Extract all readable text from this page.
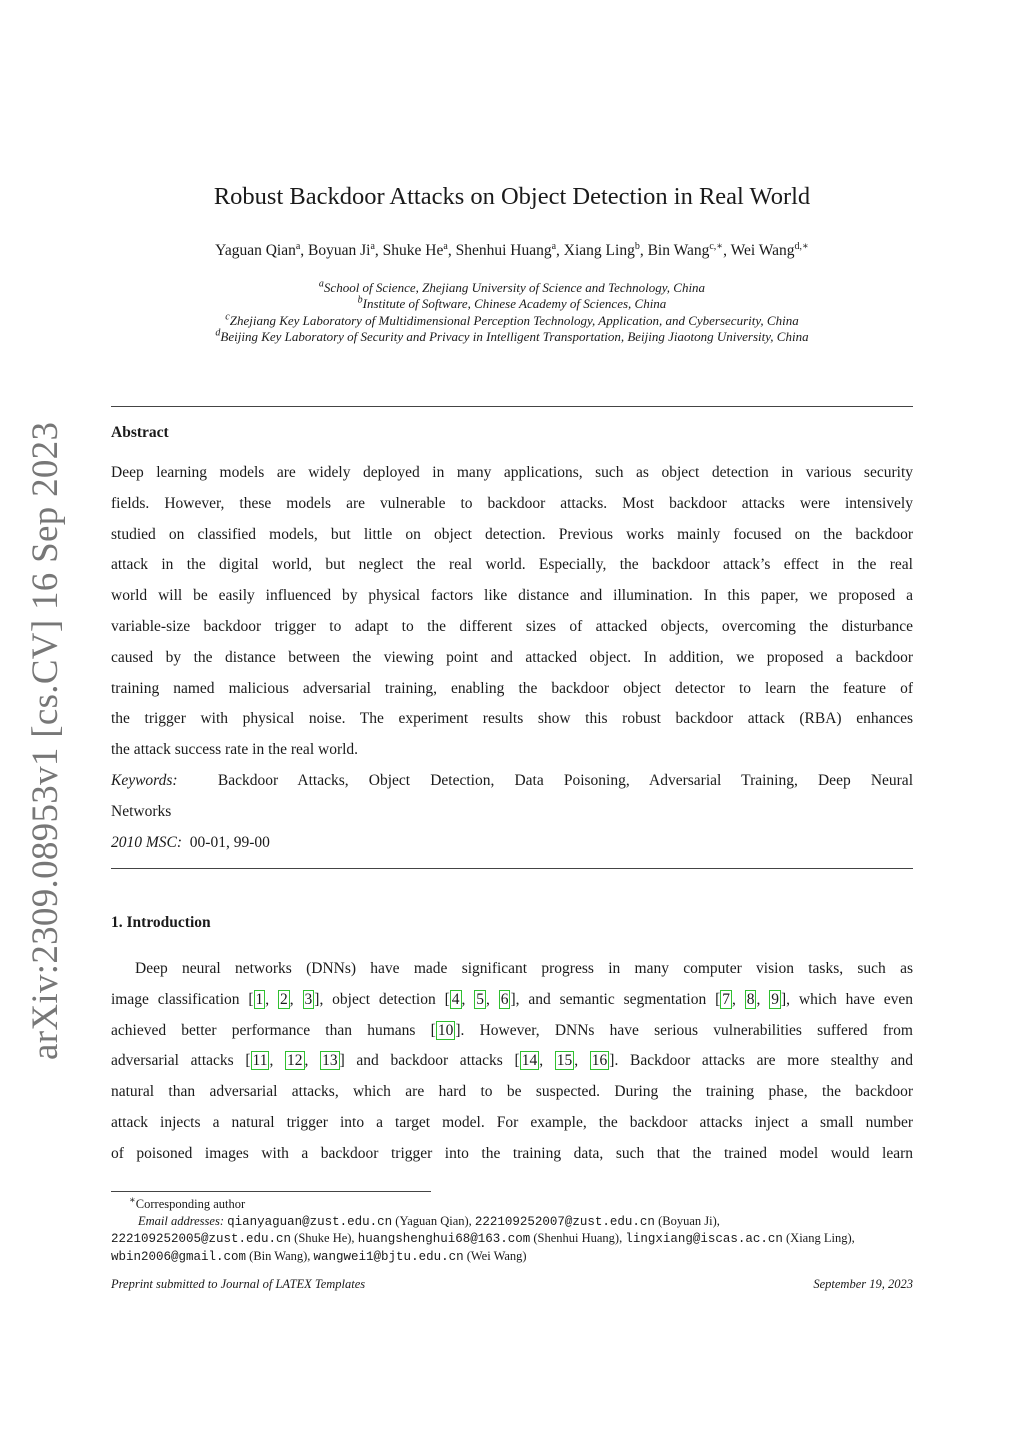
arXiv:2309.08953v1 [cs.CV] 16 Sep 2023
Robust Backdoor Attacks on Object Detection in Real World
Yaguan Qian$^a$, Boyuan Ji$^a$, Shuke He$^a$, Shenhui Huang$^a$, Xiang Ling$^b$, Bin Wang$^{c,∗}$, Wei Wang$^{d,∗}$
$^a$School of Science, Zhejiang University of Science and Technology, China
$^b$Institute of Software, Chinese Academy of Sciences, China
$^c$Zhejiang Key Laboratory of Multidimensional Perception Technology, Application, and Cybersecurity, China
$^d$Beijing Key Laboratory of Security and Privacy in Intelligent Transportation, Beijing Jiaotong University, China
Abstract
Deep learning models are widely deployed in many applications, such as object detection in various security
fields. However, these models are vulnerable to backdoor attacks. Most backdoor attacks were intensively
studied on classified models, but little on object detection. Previous works mainly focused on the backdoor
attack in the digital world, but neglect the real world. Especially, the backdoor attack’s effect in the real
world will be easily influenced by physical factors like distance and illumination. In this paper, we proposed a
variable-size backdoor trigger to adapt to the different sizes of attacked objects, overcoming the disturbance
caused by the distance between the viewing point and attacked object. In addition, we proposed a backdoor
training named malicious adversarial training, enabling the backdoor object detector to learn the feature of
the trigger with physical noise. The experiment results show this robust backdoor attack (RBA) enhances
the attack success rate in the real world.
Keywords:	Backdoor Attacks, Object Detection, Data Poisoning, Adversarial Training, Deep Neural
Networks
2010 MSC: 00-01, 99-00
1. Introduction
Deep neural networks (DNNs) have made significant progress in many computer vision tasks, such as
image classification [ 1 , 2 , 3 ], object detection [ 4 , 5 , 6 ], and semantic segmentation [ 7 , 8 , 9 ], which have even
achieved better performance than humans [ 10 ]. However, DNNs have serious vulnerabilities suffered from
adversarial attacks [ 11 , 12 , 13 ] and backdoor attacks [ 14 , 15 , 16 ]. Backdoor attacks are more stealthy and
natural than adversarial attacks, which are hard to be suspected. During the training phase, the backdoor
attack injects a natural trigger into a target model. For example, the backdoor attacks inject a small number
of poisoned images with a backdoor trigger into the training data, such that the trained model would learn
∗Corresponding author
Email addresses: qianyaguan@zust.edu.cn (Yaguan Qian), 222109252007@zust.edu.cn (Boyuan Ji),
222109252005@zust.edu.cn (Shuke He), huangshenghui68@163.com (Shenhui Huang), lingxiang@iscas.ac.cn (Xiang Ling),
wbin2006@gmail.com (Bin Wang), wangwei1@bjtu.edu.cn (Wei Wang)
Preprint submitted to Journal of LATEX Templates	September 19, 2023
